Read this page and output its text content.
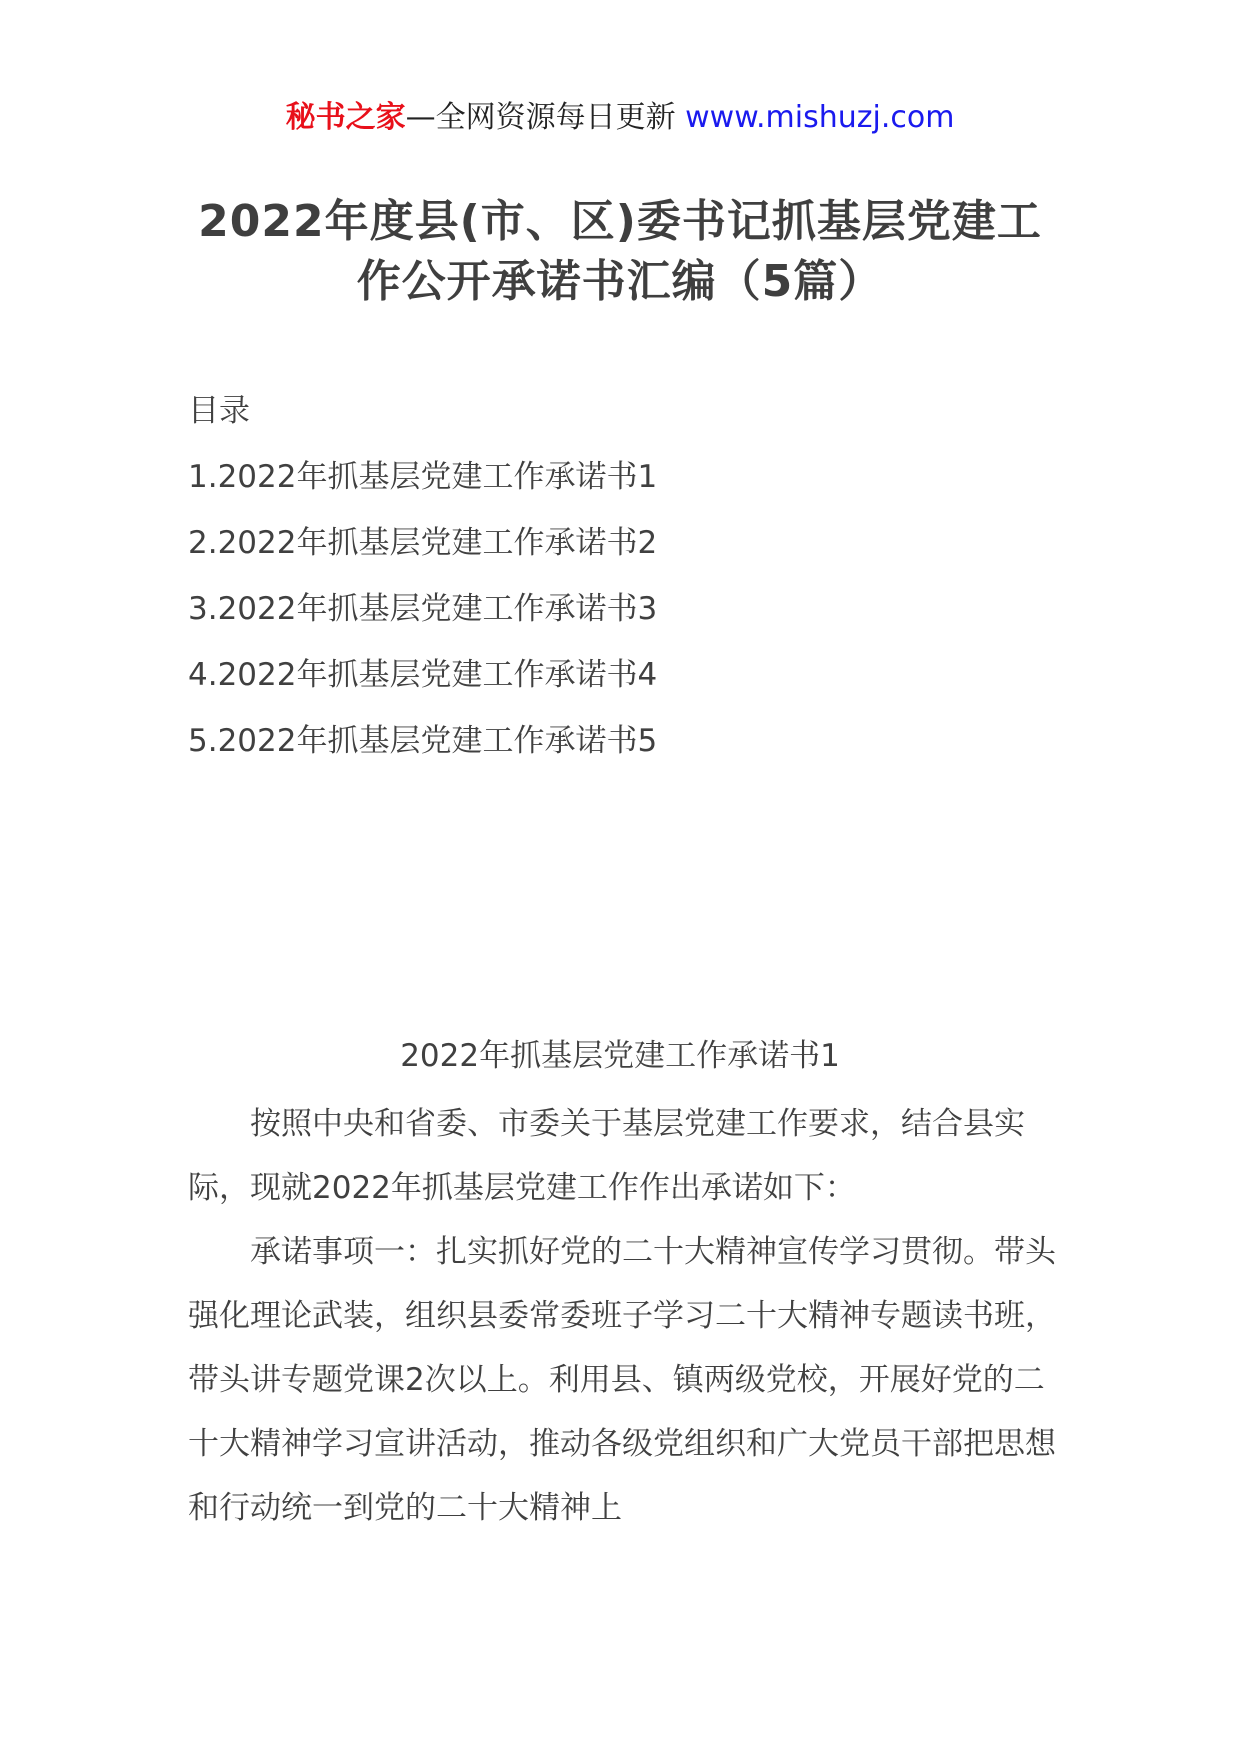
秘书之家—全网资源每日更新 www.mishuzj.com
2022年度县(市、区)委书记抓基层党建工作公开承诺书汇编（5篇）
目录
1.2022年抓基层党建工作承诺书1
2.2022年抓基层党建工作承诺书2
3.2022年抓基层党建工作承诺书3
4.2022年抓基层党建工作承诺书4
5.2022年抓基层党建工作承诺书5
2022年抓基层党建工作承诺书1

按照中央和省委、市委关于基层党建工作要求，结合县实际，现就2022年抓基层党建工作作出承诺如下：

承诺事项一：扎实抓好党的二十大精神宣传学习贯彻。带头强化理论武装，组织县委常委班子学习二十大精神专题读书班，带头讲专题党课2次以上。利用县、镇两级党校，开展好党的二十大精神学习宣讲活动，推动各级党组织和广大党员干部把思想和行动统一到党的二十大精神上
